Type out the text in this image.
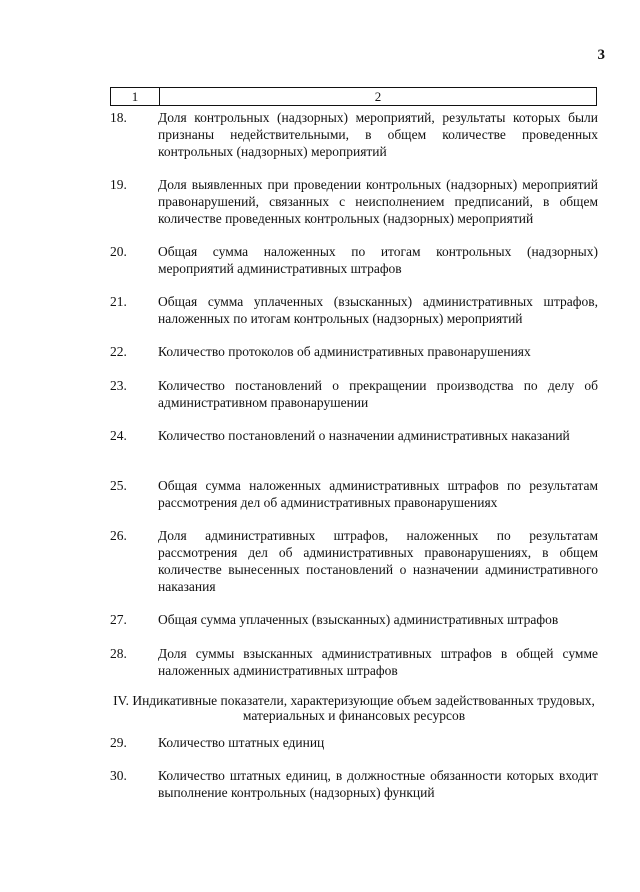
3
1	2
18.	Доля контрольных (надзорных) мероприятий, результаты которых были признаны недействительными, в общем количестве проведенных контрольных (надзорных) мероприятий
19.	Доля выявленных при проведении контрольных (надзорных) мероприятий правонарушений, связанных с неисполнением предписаний, в общем количестве проведенных контрольных (надзорных) мероприятий
20.	Общая сумма наложенных по итогам контрольных (надзорных) мероприятий административных штрафов
21.	Общая сумма уплаченных (взысканных) административных штрафов, наложенных по итогам контрольных (надзорных) мероприятий
22.	Количество протоколов об административных правонарушениях
23.	Количество постановлений о прекращении производства по делу об административном правонарушении
24.	Количество постановлений о назначении административных наказаний
25.	Общая сумма наложенных административных штрафов по результатам рассмотрения дел об административных правонарушениях
26.	Доля административных штрафов, наложенных по результатам рассмотрения дел об административных правонарушениях, в общем количестве вынесенных постановлений о назначении административного наказания
27.	Общая сумма уплаченных (взысканных) административных штрафов
28.	Доля суммы взысканных административных штрафов в общей сумме наложенных административных штрафов
IV. Индикативные показатели, характеризующие объем задействованных трудовых, материальных и финансовых ресурсов
29.	Количество штатных единиц
30.	Количество штатных единиц, в должностные обязанности которых входит выполнение контрольных (надзорных) функций
